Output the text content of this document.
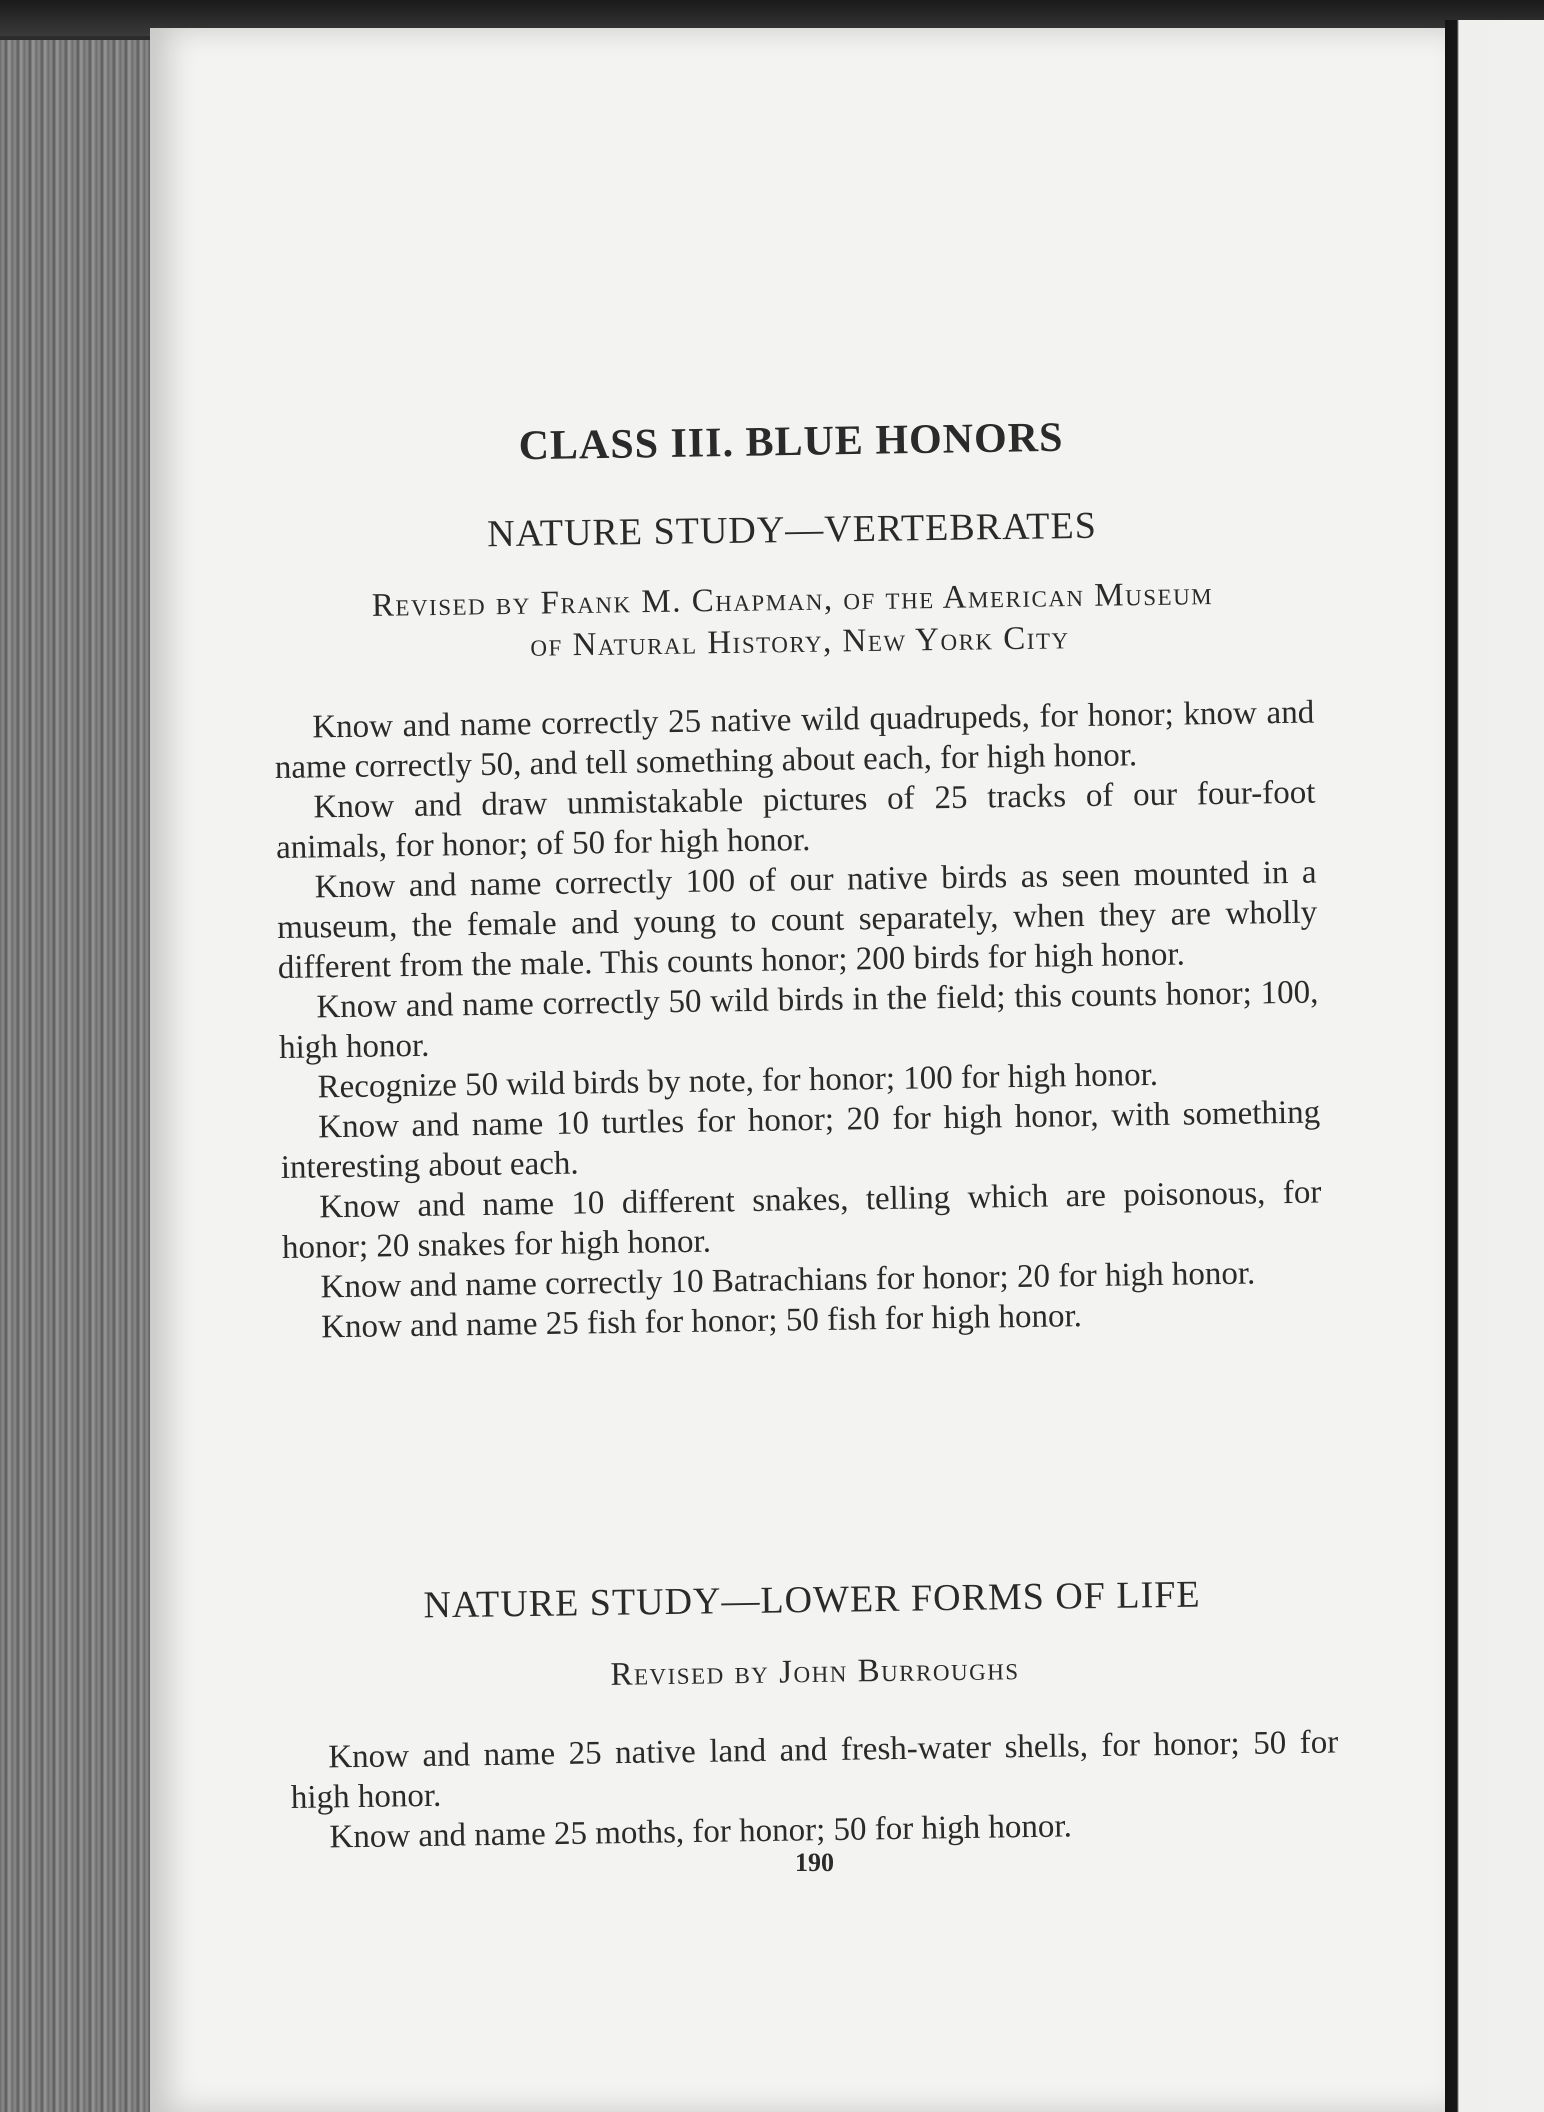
CLASS III. BLUE HONORS
NATURE STUDY—VERTEBRATES
Revised by Frank M. Chapman, of the American Museum
of Natural History, New York City

Know and name correctly 25 native wild quadrupeds, for honor; know and name correctly 50, and tell something about each, for high honor.

Know and draw unmistakable pictures of 25 tracks of our four-foot animals, for honor; of 50 for high honor.

Know and name correctly 100 of our native birds as seen mounted in a museum, the female and young to count separately, when they are wholly different from the male. This counts honor; 200 birds for high honor.

Know and name correctly 50 wild birds in the field; this counts honor; 100, high honor.

Recognize 50 wild birds by note, for honor; 100 for high honor.

Know and name 10 turtles for honor; 20 for high honor, with something interesting about each.

Know and name 10 different snakes, telling which are poisonous, for honor; 20 snakes for high honor.

Know and name correctly 10 Batrachians for honor; 20 for high honor.

Know and name 25 fish for honor; 50 fish for high honor.

NATURE STUDY—LOWER FORMS OF LIFE
Revised by John Burroughs

Know and name 25 native land and fresh-water shells, for honor; 50 for high honor.

Know and name 25 moths, for honor; 50 for high honor.

190
